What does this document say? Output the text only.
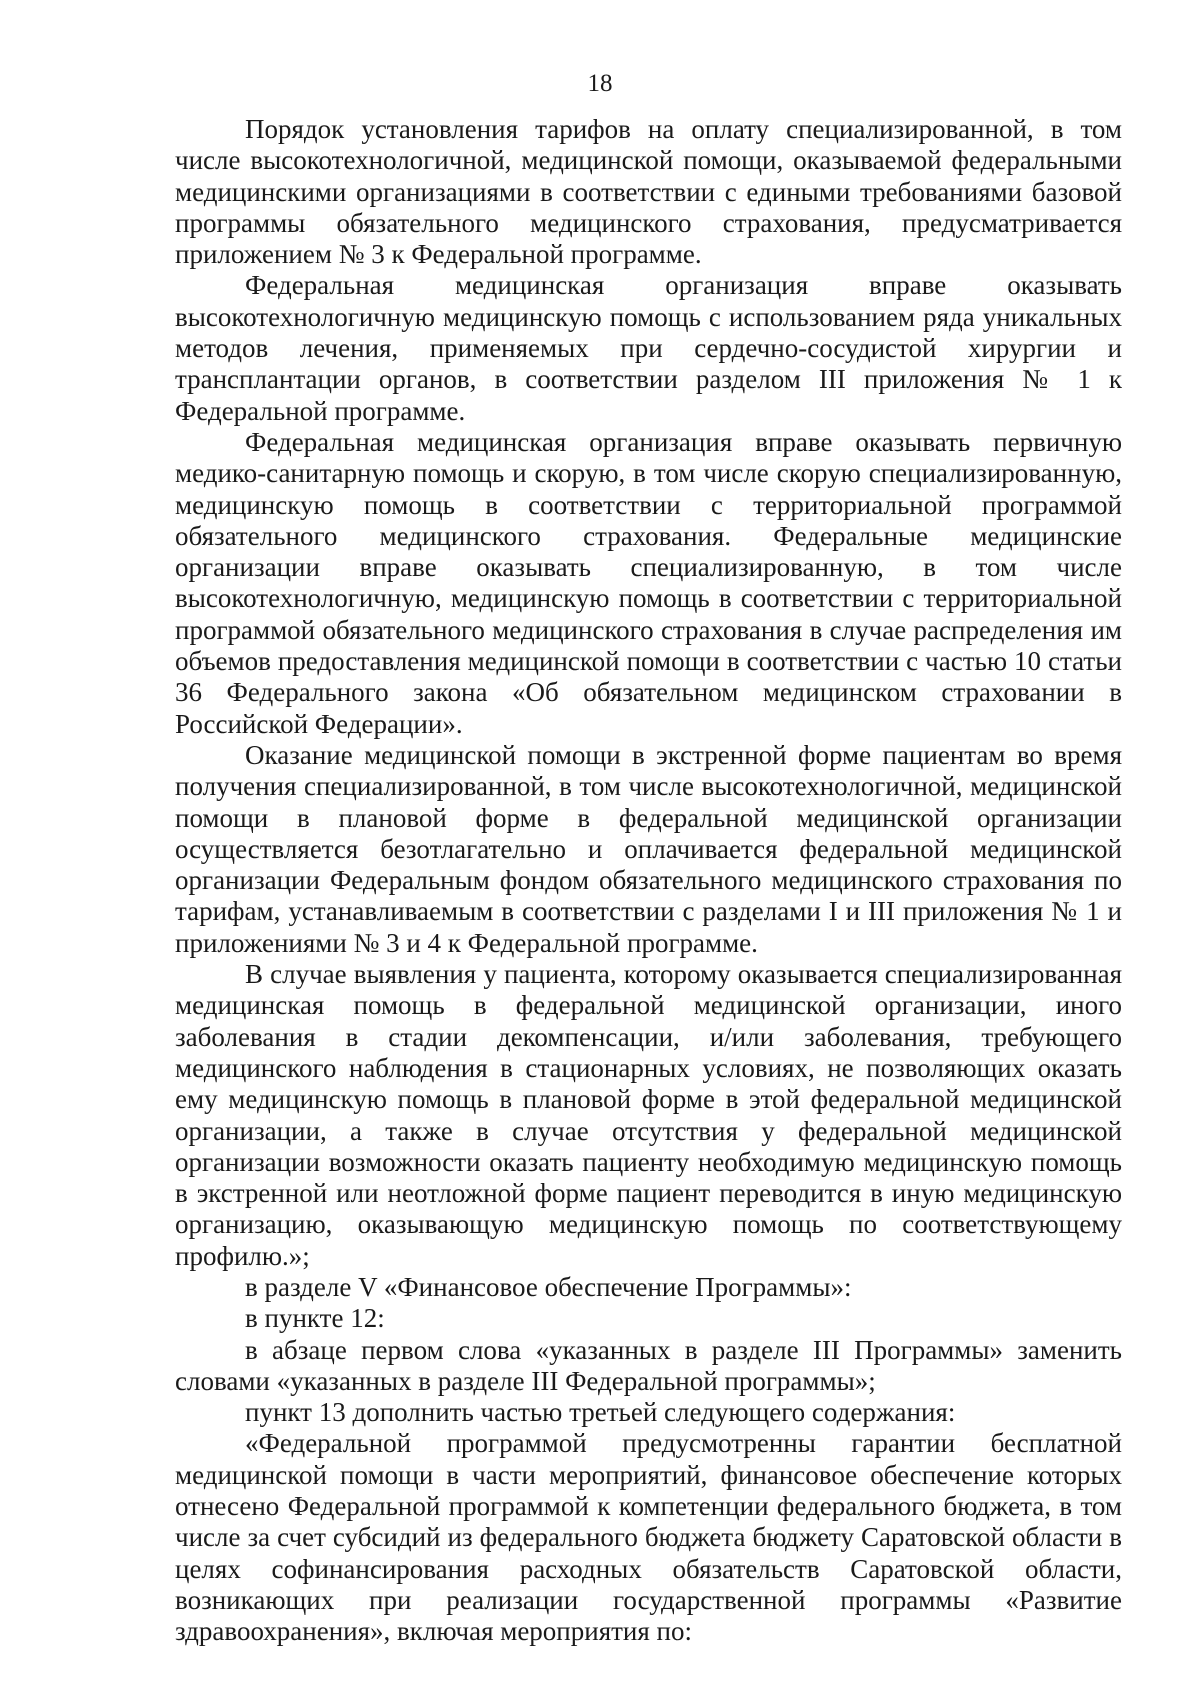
18

Порядок установления тарифов на оплату специализированной, в том числе высокотехнологичной, медицинской помощи, оказываемой федеральными медицинскими организациями в соответствии с едиными требованиями базовой программы обязательного медицинского страхования, предусматривается приложением № 3 к Федеральной программе.

Федеральная медицинская организация вправе оказывать высокотехнологичную медицинскую помощь с использованием ряда уникальных методов лечения, применяемых при сердечно-сосудистой хирургии и трансплантации органов, в соответствии разделом III приложения № 1 к Федеральной программе.

Федеральная медицинская организация вправе оказывать первичную медико-санитарную помощь и скорую, в том числе скорую специализированную, медицинскую помощь в соответствии с территориальной программой обязательного медицинского страхования. Федеральные медицинские организации вправе оказывать специализированную, в том числе высокотехнологичную, медицинскую помощь в соответствии с территориальной программой обязательного медицинского страхования в случае распределения им объемов предоставления медицинской помощи в соответствии с частью 10 статьи 36 Федерального закона «Об обязательном медицинском страховании в Российской Федерации».

Оказание медицинской помощи в экстренной форме пациентам во время получения специализированной, в том числе высокотехнологичной, медицинской помощи в плановой форме в федеральной медицинской организации осуществляется безотлагательно и оплачивается федеральной медицинской организации Федеральным фондом обязательного медицинского страхования по тарифам, устанавливаемым в соответствии с разделами I и III приложения № 1 и приложениями № 3 и 4 к Федеральной программе.

В случае выявления у пациента, которому оказывается специализированная медицинская помощь в федеральной медицинской организации, иного заболевания в стадии декомпенсации, и/или заболевания, требующего медицинского наблюдения в стационарных условиях, не позволяющих оказать ему медицинскую помощь в плановой форме в этой федеральной медицинской организации, а также в случае отсутствия у федеральной медицинской организации возможности оказать пациенту необходимую медицинскую помощь в экстренной или неотложной форме пациент переводится в иную медицинскую организацию, оказывающую медицинскую помощь по соответствующему профилю.»;

в разделе V «Финансовое обеспечение Программы»:

в пункте 12:

в абзаце первом слова «указанных в разделе III Программы» заменить словами «указанных в разделе III Федеральной программы»;

пункт 13 дополнить частью третьей следующего содержания:

«Федеральной программой предусмотренны гарантии бесплатной медицинской помощи в части мероприятий, финансовое обеспечение которых отнесено Федеральной программой к компетенции федерального бюджета, в том числе за счет субсидий из федерального бюджета бюджету Саратовской области в целях софинансирования расходных обязательств Саратовской области, возникающих при реализации государственной программы «Развитие здравоохранения», включая мероприятия по:
